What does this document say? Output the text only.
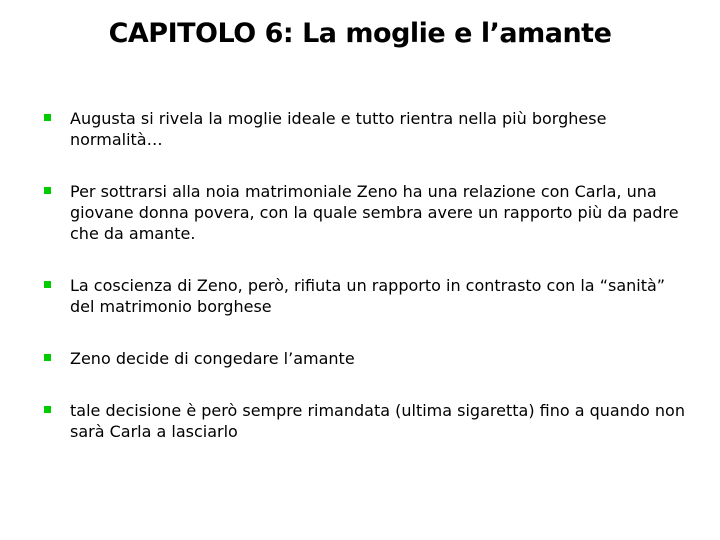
CAPITOLO 6: La moglie e l’amante
Augusta si rivela la moglie ideale e tutto rientra nella più borghese normalità…
Per sottrarsi alla noia matrimoniale Zeno ha una relazione con Carla, una giovane donna povera, con la quale sembra avere un rapporto più da padre che da amante.
La coscienza di Zeno, però, rifiuta un rapporto in contrasto con la “sanità” del matrimonio borghese
Zeno decide di congedare l’amante
tale decisione è però sempre rimandata (ultima sigaretta) fino a quando non sarà Carla a lasciarlo
